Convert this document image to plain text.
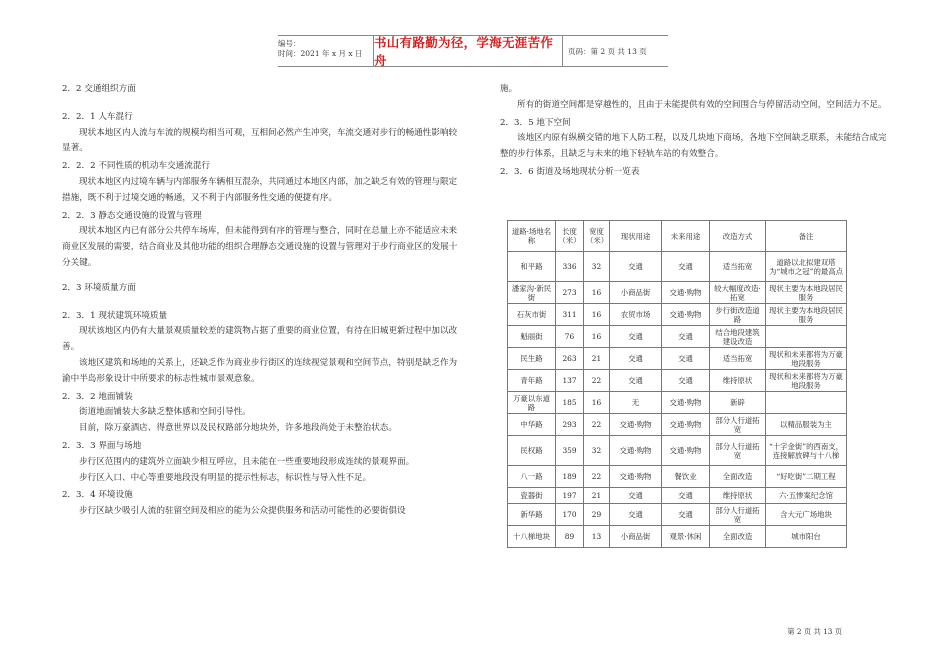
编号：
时间：2021 年 x 月 x 日
书山有路勤为径，学海无涯苦作舟
页码：第 2 页 共 13 页

2．2 交通组织方面

2．2．1 人车混行

现状本地区内人流与车流的规模均相当可观，互相间必然产生冲突，车流交通对步行的畅通性影响较显著。

2．2．2 不同性质的机动车交通流混行

现状本地区内过境车辆与内部服务车辆相互混杂，共同通过本地区内部，加之缺乏有效的管理与限定措施，既不利于过境交通的畅通，又不利于内部服务性交通的便捷有序。

2．2．3 静态交通设施的设置与管理

现状本地区内已有部分公共停车场库，但未能得到有序的管理与整合，同时在总量上亦不能适应未来商业区发展的需要，结合商业及其他功能的组织合理静态交通设施的设置与管理对于步行商业区的发展十分关键。

2．3 环境质量方面

2．3．1 现状建筑环境质量

现状该地区内仍有大量景观质量较差的建筑物占据了重要的商业位置，有待在旧城更新过程中加以改善。

该地区建筑和场地的关系上，还缺乏作为商业步行街区的连续视觉景观和空间节点，特别是缺乏作为渝中半岛形象设计中所要求的标志性城市景观意象。

2．3．2 地面铺装

街道地面铺装大多缺乏整体感和空间引导性。

目前，除万豪酒店、得意世界以及民权路部分地块外，许多地段尚处于未整治状态。

2．3．3 界面与场地

步行区范围内的建筑外立面缺少相互呼应，且未能在一些重要地段形成连续的景观界面。

步行区入口、中心等重要地段没有明显的提示性标志，标识性与导入性不足。

2．3．4 环境设施

步行区缺少吸引人流的驻留空间及相应的能为公众提供服务和活动可能性的必要街俱设

施。

所有的街道空间都是穿越性的，且由于未能提供有效的空间围合与停留活动空间，空间活力不足。

2．3．5 地下空间

该地区内原有纵横交错的地下人防工程，以及几块地下商场，各地下空间缺乏联系，未能结合成完整的步行体系，且缺乏与未来的地下轻轨车站的有效整合。

2．3．6 街道及场地现状分析一览表

道路·场地名称	长度（米）	宽度（米）	现状用途	未来用途	改造方式	备注
和平路	336	32	交通	交通	适当拓宽	道路以北拟建双塔为“城市之冠”的最高点
潘家沟·新民街	273	16	小商品街	交通·购物	较大幅度改造·拓宽	现状主要为本地段居民服务
石灰市街	311	16	农贸市场	交通·购物	步行街改造道路	现状主要为本地段居民服务
魁丽街	76	16	交通	交通	结合地段建筑建设改造	
民生路	263	21	交通	交通	适当拓宽	现状和未来都将为万豪地段服务
青年路	137	22	交通	交通	维持原状	现状和未来都将为万豪地段服务
万豪以东道路	185	16	无	交通·购物	新辟	
中华路	293	22	交通·购物	交通·购物	部分人行道拓宽	以精品服装为主
民权路	359	32	交通·购物	交通·购物	部分人行道拓宽	“十字金街”的西南支，连接解放碑与十八梯
八一路	189	22	交通·购物	餐饮业	全面改造	“好吃街”二期工程
瓷器街	197	21	交通	交通	维持原状	六·五惨案纪念馆
新华路	170	29	交通	交通	部分人行道拓宽	含大元广场地块
十八梯地块	89	13	小商品街	观景·休闲	全面改造	城市阳台
第 2 页 共 13 页
